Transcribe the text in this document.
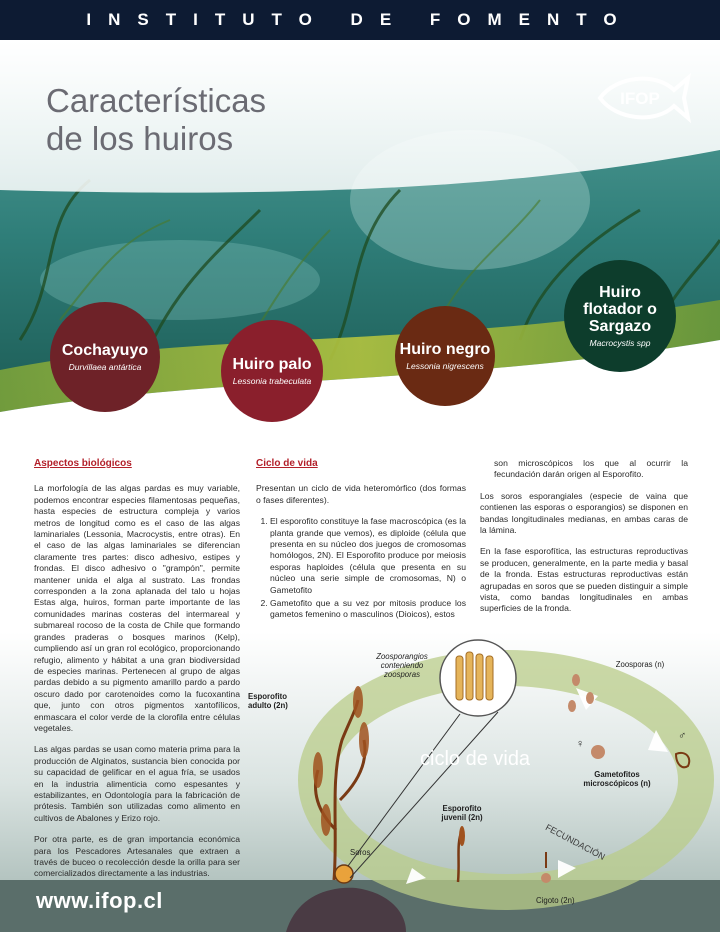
INSTITUTO DE FOMENTO
Características
de los huiros
IFOP
Cochayuyo
Durvillaea antártica	Huiro palo
Lessonia trabeculata
Huiro negro
Lessonia nigrescens
Huiro
flotador o
Sargazo
Macrocystis spp
Aspectos biológicos

La morfología de las algas pardas es muy variable, podemos encontrar especies filamentosas pequeñas, hasta especies de estructura compleja y varios metros de longitud como es el caso de las algas laminariales (Lessonia, Macrocystis, entre otras). En el caso de las algas laminariales se diferencian claramente tres partes: disco adhesivo, estipes y frondas. El disco adhesivo o "grampón", permite mantener unida el alga al sustrato. Las frondas corresponden a la zona aplanada del talo u hojas Estas alga, huiros, forman parte importante de las comunidades marinas costeras del intermareal y submareal rocoso de la costa de Chile que formando grandes praderas o bosques marinos (Kelp), cumpliendo así un gran rol ecológico, proporcionando refugio, alimento y hábitat a una gran biodiversidad de especies marinas. Pertenecen al grupo de algas pardas debido a su pigmento amarillo pardo a pardo oscuro dado por carotenoides como la fucoxantina que, junto con otros pigmentos xantofílicos, enmascara el color verde de la clorofila entre células vegetales.

Las algas pardas se usan como materia prima para la producción de Alginatos, sustancia bien conocida por su capacidad de gelificar en el agua fría, se usados en la industria alimenticia como espesantes y estabilizantes, en Odontología para la fabricación de prótesis. También son utilizadas como alimento en cultivos de Abalones y Erizo rojo.

Por otra parte, es de gran importancia económica para los Pescadores Artesanales que extraen a través de buceo o recolección desde la orilla para ser comercializados directamente a las industrias.

Ciclo de vida

Presentan un ciclo de vida heteromórfico (dos formas o fases diferentes).

1. El esporofito constituye la fase macroscópica (es la planta grande que vemos), es diploide (célula que presenta en su núcleo dos juegos de cromosomas homólogos, 2N). El Esporofito produce por meiosis esporas haploides (célula que presenta en su núcleo una serie simple de cromosomas, N) o Gametofito
2. Gametofito que a su vez por mitosis produce los gametos femenino o masculinos (Dioicos), estos

son microscópicos los que al ocurrir la fecundación darán origen al Esporofito.

Los soros esporangiales (especie de vaina que contienen las esporas o esporangios) se disponen en bandas longitudinales medianas, en ambas caras de la lámina.

En la fase esporofítica, las estructuras reproductivas se producen, generalmente, en la parte media y basal de la fronda. Estas estructuras reproductivas están agrupadas en soros que se pueden distinguir a simple vista, como bandas longitudinales en ambas superficies de la fronda.

ciclo de vida
Zoosporangios conteniendo zoosporas
Zoosporas (n)
Esporofito adulto (2n)
Gametofitos microscópicos (n)
Esporofito juvenil (2n)
Soros	FECUNDACIÓN
Cigoto (2n)
♀
♂
www.ifop.cl
